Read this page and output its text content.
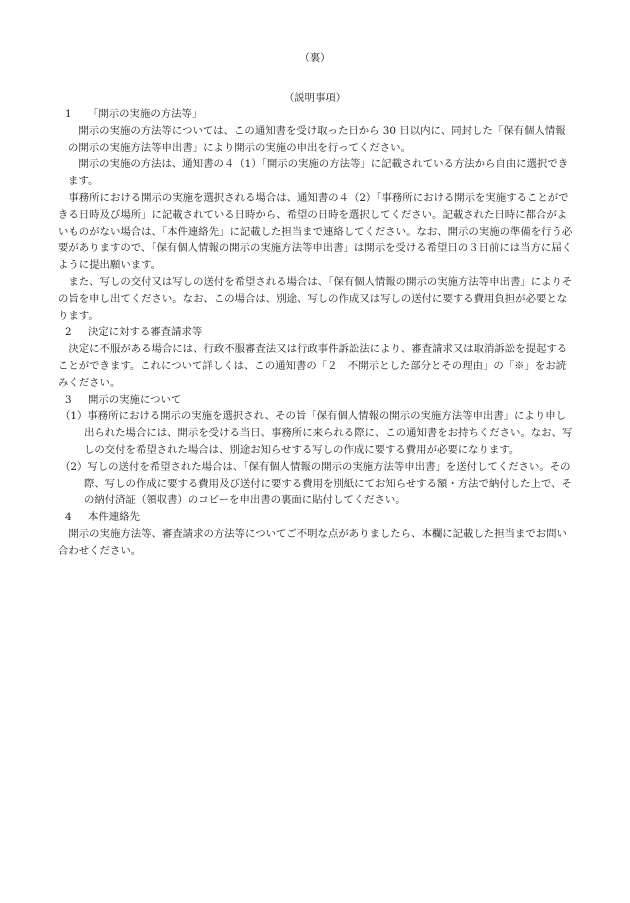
（裏）
（説明事項）
1 「開示の実施の方法等」

開示の実施の方法等については、この通知書を受け取った日から 30 日以内に、同封した「保有個人情報の開示の実施方法等申出書」により開示の実施の申出を行ってください。

開示の実施の方法は、通知書の４（1）「開示の実施の方法等」に記載されている方法から自由に選択できます。

事務所における開示の実施を選択される場合は、通知書の４（2）「事務所における開示を実施することができる日時及び場所」に記載されている日時から、希望の日時を選択してください。記載された日時に都合がよいものがない場合は、「本件連絡先」に記載した担当まで連絡してください。なお、開示の実施の準備を行う必要がありますので、「保有個人情報の開示の実施方法等申出書」は開示を受ける希望日の３日前には当方に届くように提出願います。

また、写しの交付又は写しの送付を希望される場合は、「保有個人情報の開示の実施方法等申出書」によりその旨を申し出てください。なお、この場合は、別途、写しの作成又は写しの送付に要する費用負担が必要となります。

2 決定に対する審査請求等

決定に不服がある場合には、行政不服審査法又は行政事件訴訟法により、審査請求又は取消訴訟を提起することができます。これについて詳しくは、この通知書の「２　不開示とした部分とその理由」の「※」をお読みください。

3 開示の実施について

（1）事務所における開示の実施を選択され、その旨「保有個人情報の開示の実施方法等申出書」により申し出られた場合には、開示を受ける当日、事務所に来られる際に、この通知書をお持ちください。なお、写しの交付を希望された場合は、別途お知らせする写しの作成に要する費用が必要になります。

（2）写しの送付を希望された場合は、「保有個人情報の開示の実施方法等申出書」を送付してください。その際、写しの作成に要する費用及び送付に要する費用を別紙にてお知らせする額・方法で納付した上で、その納付済証（領収書）のコピーを申出書の裏面に貼付してください。

4 本件連絡先

開示の実施方法等、審査請求の方法等についてご不明な点がありましたら、本欄に記載した担当までお問い合わせください。
